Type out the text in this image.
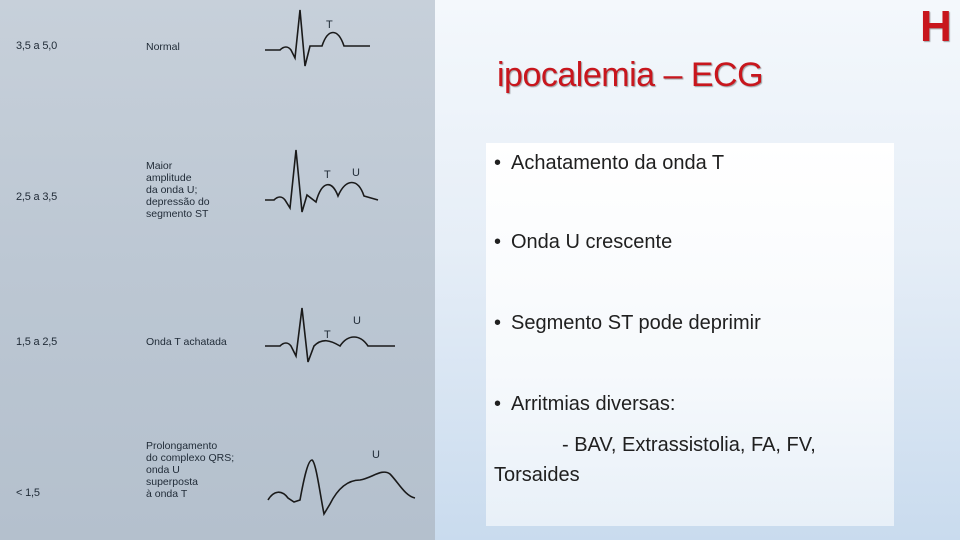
3,5 a 5,0	Normal
T
2,5 a 3,5
Maior
amplitude
da onda U;
depressão do
segmento ST
T U
1,5 a 2,5	Onda T achatada
T
U
< 1,5
Prolongamento
do complexo QRS;
onda U
superposta
à onda T
U
ipocalemia – ECG
H
• Achatamento da onda T
• Onda U crescente
• Segmento ST pode deprimir
• Arritmias diversas:
- BAV, Extrassistolia, FA, FV, Torsaides
